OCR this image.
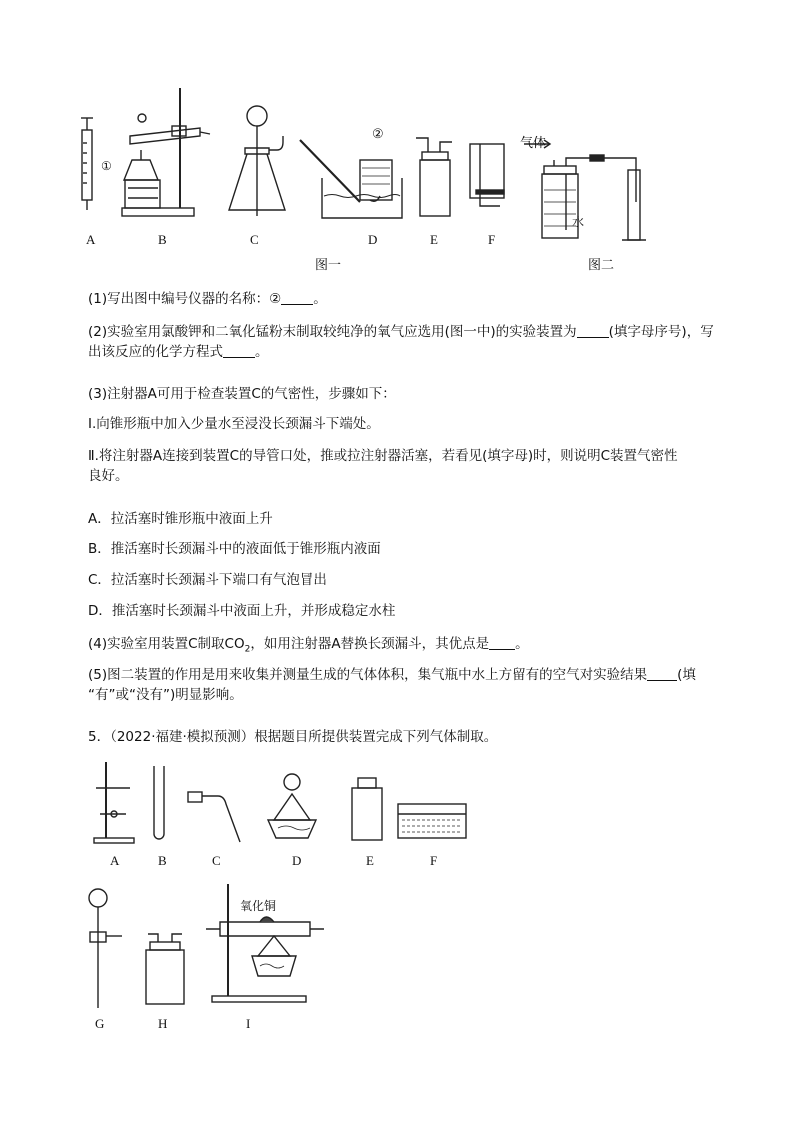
②
①
A	B	C	D	E	F
图一
水
气体
图二
(1)写出图中编号仪器的名称：② 。
(2)实验室用氯酸钾和二氧化锰粉末制取较纯净的氧气应选用(图一中)的实验装置为 (填字母序号)，写
出该反应的化学方程式 。
(3)注射器A可用于检查装置C的气密性，步骤如下：
Ⅰ.向锥形瓶中加入少量水至浸没长颈漏斗下端处。
Ⅱ.将注射器A连接到装置C的导管口处，推或拉注射器活塞，若看见(填字母)时，则说明C装置气密性
良好。
A．拉活塞时锥形瓶中液面上升
B．推活塞时长颈漏斗中的液面低于锥形瓶内液面
C．拉活塞时长颈漏斗下端口有气泡冒出
D．推活塞时长颈漏斗中液面上升，并形成稳定水柱
(4)实验室用装置C制取$CO_2$，如用注射器A替换长颈漏斗，其优点是 。
(5)图二装置的作用是用来收集并测量生成的气体体积，集气瓶中水上方留有的空气对实验结果 (填
“有”或“没有”)明显影响。
5．（2022·福建·模拟预测）根据题目所提供装置完成下列气体制取。
A	B	C	D	E	F
氧化铜
G	H	I
